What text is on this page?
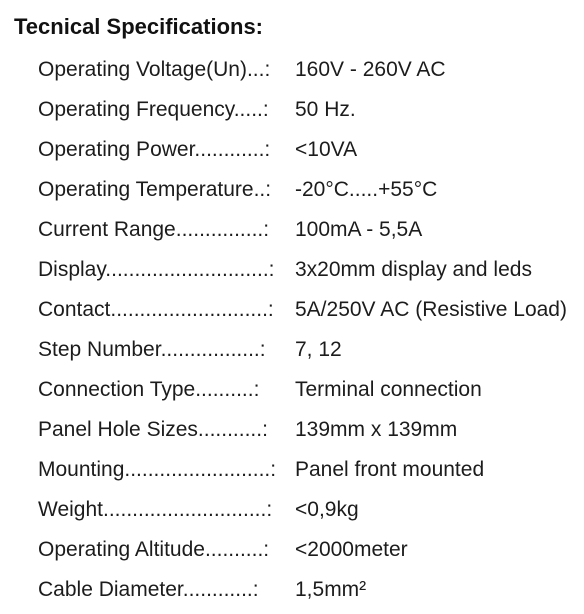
Tecnical Specifications:
Operating Voltage(Un)...: 160V - 260V AC
Operating Frequency.....: 50 Hz.
Operating Power............: <10VA
Operating Temperature..: -20°C.....+55°C
Current Range...............: 100mA - 5,5A
Display............................: 3x20mm display and leds
Contact...........................: 5A/250V AC (Resistive Load)
Step Number.................: 7, 12
Connection Type..........: Terminal connection
Panel Hole Sizes...........: 139mm x 139mm
Mounting.........................: Panel front mounted
Weight............................: <0,9kg
Operating Altitude..........: <2000meter
Cable Diameter............: 1,5mm²
